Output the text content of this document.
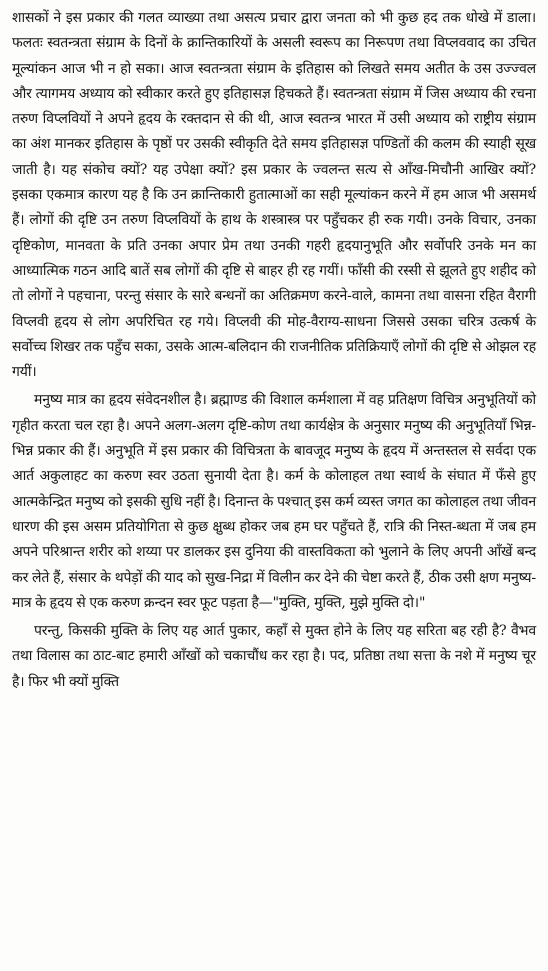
शासकों ने इस प्रकार की गलत व्याख्या तथा असत्य प्रचार द्वारा जनता को भी कुछ हद तक धोखे में डाला। फलतः स्वतन्त्रता संग्राम के दिनों के क्रान्तिकारियों के असली स्वरूप का निरूपण तथा विप्लववाद का उचित मूल्यांकन आज भी न हो सका। आज स्वतन्त्रता संग्राम के इतिहास को लिखते समय अतीत के उस उज्ज्वल और त्यागमय अध्याय को स्वीकार करते हुए इतिहासज्ञ हिचकते हैं। स्वतन्त्रता संग्राम में जिस अध्याय की रचना तरुण विप्लवियों ने अपने हृदय के रक्तदान से की थी, आज स्वतन्त्र भारत में उसी अध्याय को राष्ट्रीय संग्राम का अंश मानकर इतिहास के पृष्ठों पर उसकी स्वीकृति देते समय इतिहासज्ञ पण्डितों की कलम की स्याही सूख जाती है। यह संकोच क्यों? यह उपेक्षा क्यों? इस प्रकार के ज्वलन्त सत्य से आँख-मिचौनी आखिर क्यों? इसका एकमात्र कारण यह है कि उन क्रान्तिकारी हुतात्माओं का सही मूल्यांकन करने में हम आज भी असमर्थ हैं। लोगों की दृष्टि उन तरुण विप्लवियों के हाथ के शस्त्रास्त्र पर पहुँचकर ही रुक गयी। उनके विचार, उनका दृष्टिकोण, मानवता के प्रति उनका अपार प्रेम तथा उनकी गहरी हृदयानुभूति और सर्वोपरि उनके मन का आध्यात्मिक गठन आदि बातें सब लोगों की दृष्टि से बाहर ही रह गयीं। फाँसी की रस्सी से झूलते हुए शहीद को तो लोगों ने पहचाना, परन्तु संसार के सारे बन्धनों का अतिक्रमण करने-वाले, कामना तथा वासना रहित वैरागी विप्लवी हृदय से लोग अपरिचित रह गये। विप्लवी की मोह-वैराग्य-साधना जिससे उसका चरित्र उत्कर्ष के सर्वोच्च शिखर तक पहुँच सका, उसके आत्म-बलिदान की राजनीतिक प्रतिक्रियाएँ लोगों की दृष्टि से ओझल रह गयीं।

मनुष्य मात्र का हृदय संवेदनशील है। ब्रह्माण्ड की विशाल कर्मशाला में वह प्रतिक्षण विचित्र अनुभूतियों को गृहीत करता चल रहा है। अपने अलग-अलग दृष्टि-कोण तथा कार्यक्षेत्र के अनुसार मनुष्य की अनुभूतियाँ भिन्न-भिन्न प्रकार की हैं। अनुभूति में इस प्रकार की विचित्रता के बावजूद मनुष्य के हृदय में अन्तस्तल से सर्वदा एक आर्त अकुलाहट का करुण स्वर उठता सुनायी देता है। कर्म के कोलाहल तथा स्वार्थ के संघात में फँसे हुए आत्मकेन्द्रित मनुष्य को इसकी सुधि नहीं है। दिनान्त के पश्चात् इस कर्म व्यस्त जगत का कोलाहल तथा जीवन धारण की इस असम प्रतियोगिता से कुछ क्षुब्ध होकर जब हम घर पहुँचते हैं, रात्रि की निस्त-ब्धता में जब हम अपने परिश्रान्त शरीर को शय्या पर डालकर इस दुनिया की वास्तविकता को भुलाने के लिए अपनी आँखें बन्द कर लेते हैं, संसार के थपेड़ों की याद को सुख-निद्रा में विलीन कर देने की चेष्टा करते हैं, ठीक उसी क्षण मनुष्य-मात्र के हृदय से एक करुण क्रन्दन स्वर फूट पड़ता है—"मुक्ति, मुक्ति, मुझे मुक्ति दो।"

परन्तु, किसकी मुक्ति के लिए यह आर्त पुकार, कहाँ से मुक्त होने के लिए यह सरिता बह रही है? वैभव तथा विलास का ठाट-बाट हमारी आँखों को चकाचौंध कर रहा है। पद, प्रतिष्ठा तथा सत्ता के नशे में मनुष्य चूर है। फिर भी क्यों मुक्ति
